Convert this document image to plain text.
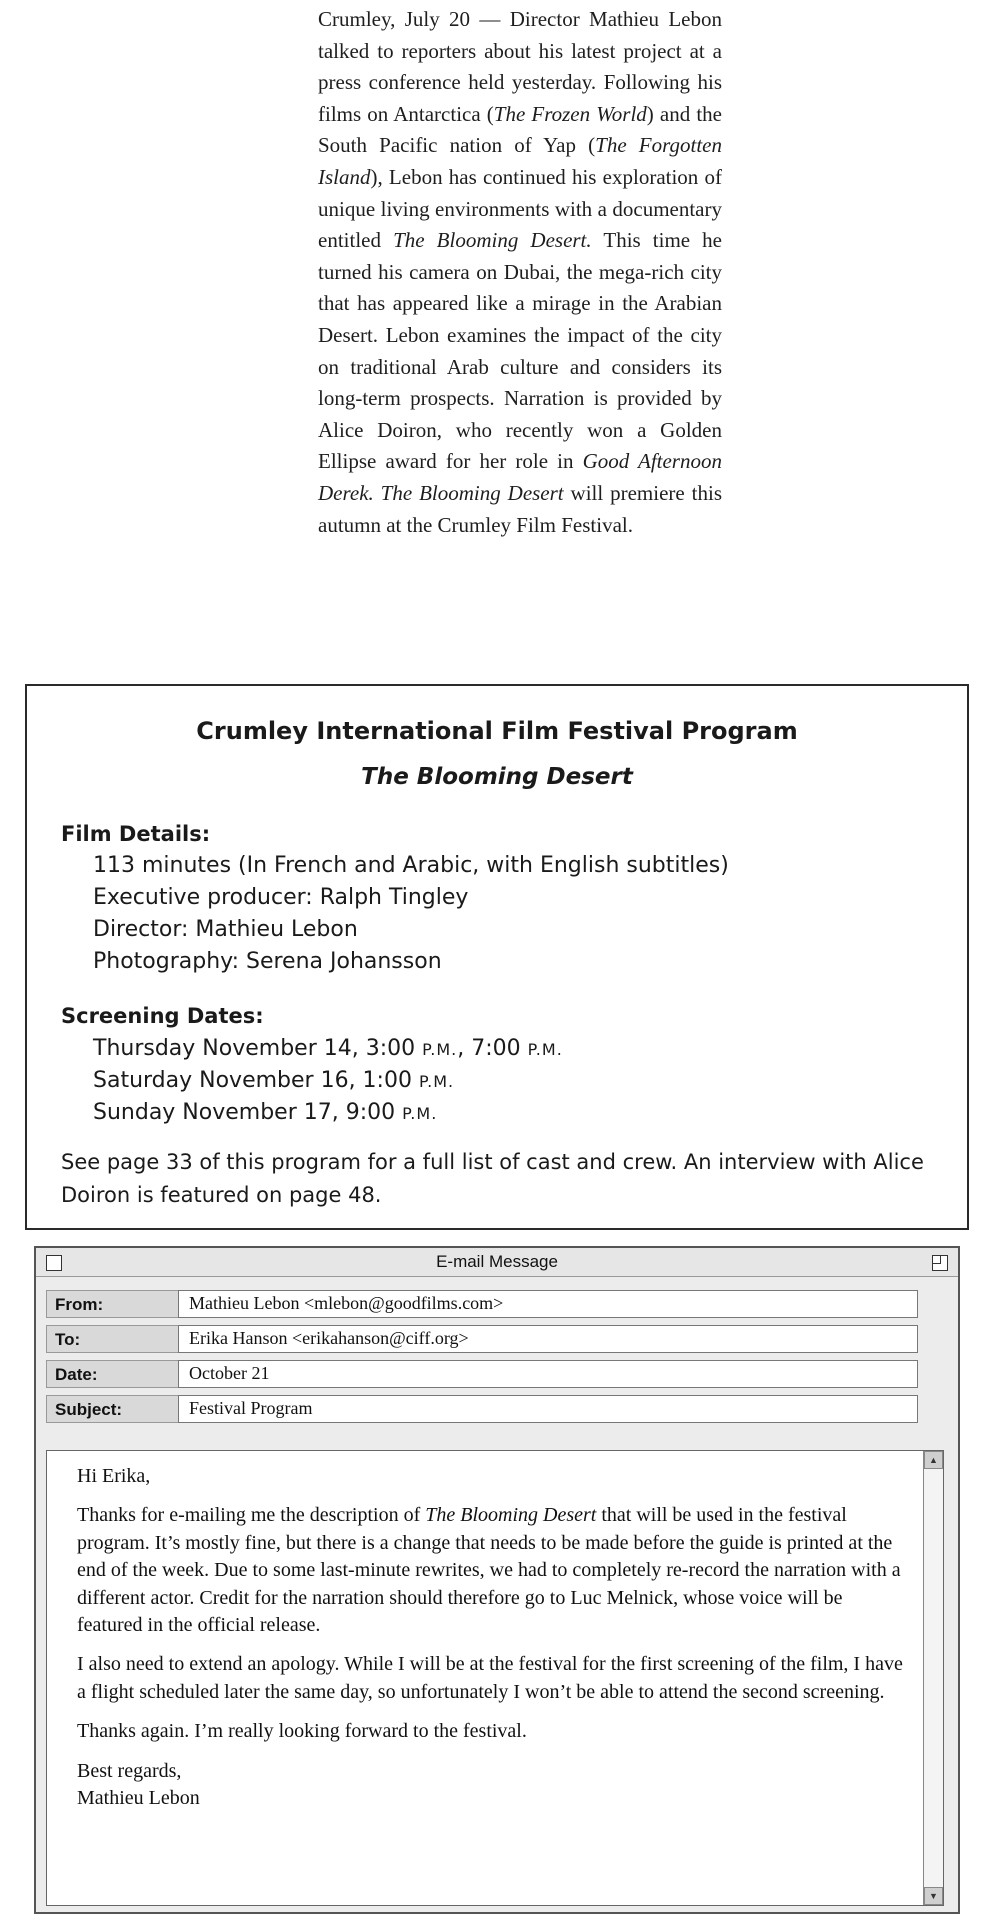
Crumley, July 20 — Director Mathieu Lebon talked to reporters about his latest project at a press conference held yesterday. Following his films on Antarctica (The Frozen World) and the South Pacific nation of Yap (The Forgotten Island), Lebon has continued his exploration of unique living environments with a documentary entitled The Blooming Desert. This time he turned his camera on Dubai, the mega-rich city that has appeared like a mirage in the Arabian Desert. Lebon examines the impact of the city on traditional Arab culture and considers its long-term prospects. Narration is provided by Alice Doiron, who recently won a Golden Ellipse award for her role in Good Afternoon Derek. The Blooming Desert will premiere this autumn at the Crumley Film Festival.

Crumley International Film Festival Program
The Blooming Desert
Film Details:
113 minutes (In French and Arabic, with English subtitles)
Executive producer: Ralph Tingley
Director: Mathieu Lebon
Photography: Serena Johansson
Screening Dates:
Thursday November 14, 3:00 P.M., 7:00 P.M.
Saturday November 16, 1:00 P.M.
Sunday November 17, 9:00 P.M.
See page 33 of this program for a full list of cast and crew. An interview with Alice Doiron is featured on page 48.
E-mail Message
From:	Mathieu Lebon <mlebon@goodfilms.com>
To:	Erika Hanson <erikahanson@ciff.org>
Date:	October 21
Subject:	Festival Program

Hi Erika,

Thanks for e-mailing me the description of The Blooming Desert that will be used in the festival program. It’s mostly fine, but there is a change that needs to be made before the guide is printed at the end of the week. Due to some last-minute rewrites, we had to completely re-record the narration with a different actor. Credit for the narration should therefore go to Luc Melnick, whose voice will be featured in the official release.

I also need to extend an apology. While I will be at the festival for the first screening of the film, I have a flight scheduled later the same day, so unfortunately I won’t be able to attend the second screening.

Thanks again. I’m really looking forward to the festival.

Best regards,

Mathieu Lebon

▲
▼
